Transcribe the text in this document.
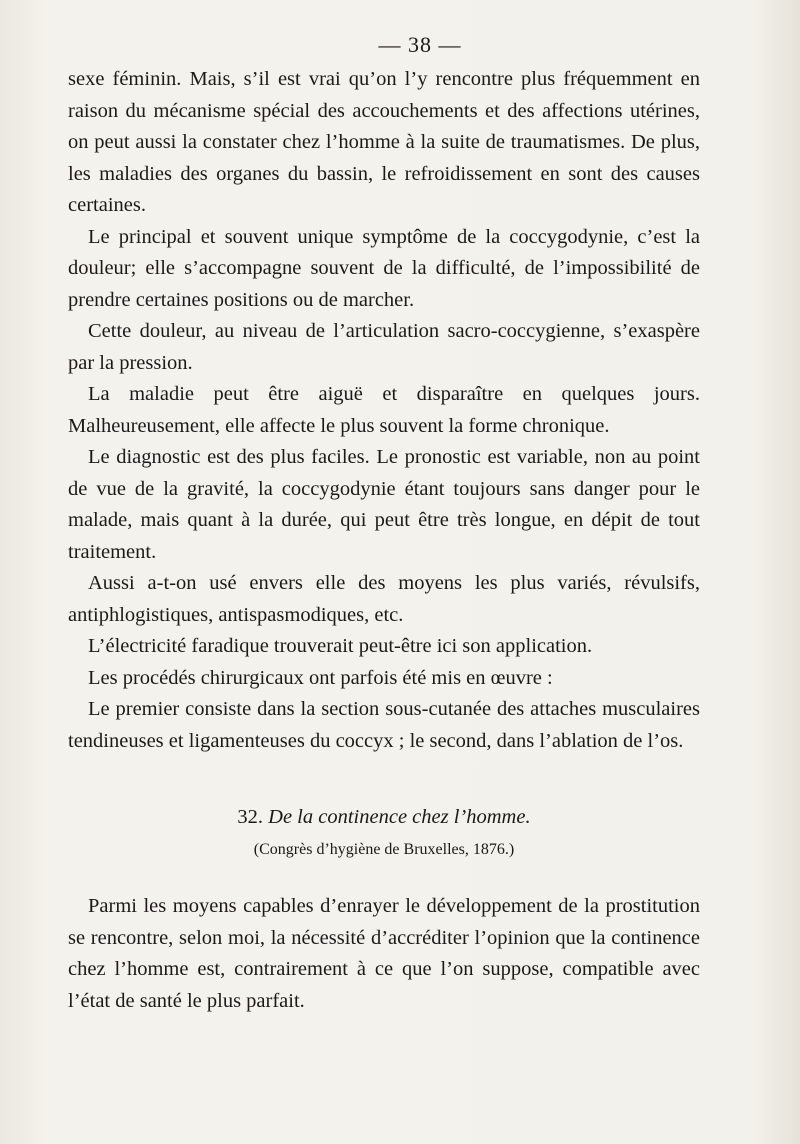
— 38 —

sexe féminin. Mais, s’il est vrai qu’on l’y rencontre plus fréquemment en raison du mécanisme spécial des accouchements et des affections utérines, on peut aussi la constater chez l’homme à la suite de traumatismes. De plus, les maladies des organes du bassin, le refroidissement en sont des causes certaines.

Le principal et souvent unique symptôme de la coccygodynie, c’est la douleur; elle s’accompagne souvent de la difficulté, de l’impossibilité de prendre certaines positions ou de marcher.

Cette douleur, au niveau de l’articulation sacro-coccygienne, s’exaspère par la pression.

La maladie peut être aiguë et disparaître en quelques jours. Malheureusement, elle affecte le plus souvent la forme chronique.

Le diagnostic est des plus faciles. Le pronostic est variable, non au point de vue de la gravité, la coccygodynie étant toujours sans danger pour le malade, mais quant à la durée, qui peut être très longue, en dépit de tout traitement.

Aussi a-t-on usé envers elle des moyens les plus variés, révulsifs, antiphlogistiques, antispasmodiques, etc.

L’électricité faradique trouverait peut-être ici son application.

Les procédés chirurgicaux ont parfois été mis en œuvre :

Le premier consiste dans la section sous-cutanée des attaches musculaires tendineuses et ligamenteuses du coccyx ; le second, dans l’ablation de l’os.

32. De la continence chez l’homme.
(Congrès d’hygiène de Bruxelles, 1876.)

Parmi les moyens capables d’enrayer le développement de la prostitution se rencontre, selon moi, la nécessité d’accréditer l’opinion que la continence chez l’homme est, contrairement à ce que l’on suppose, compatible avec l’état de santé le plus parfait.
